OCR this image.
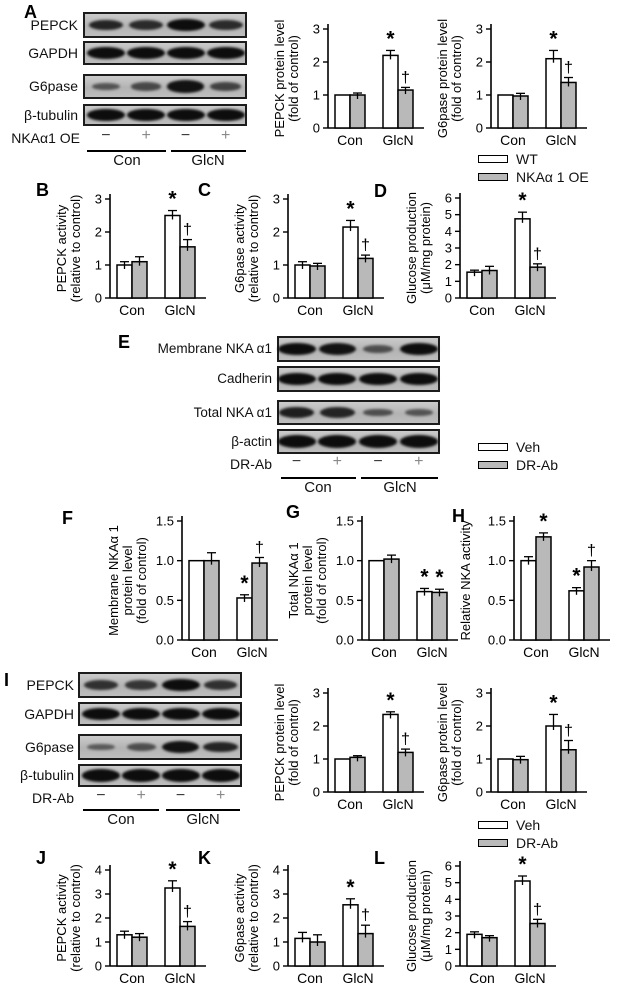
A
B	C	D
E
F	G	H
I
J	K	L
WT
NKAα 1 OE
Veh
DR-Ab
Veh
DR-Ab
PEPCK
GAPDH
G6pase
β-tubulin
NKAα1 OE	−	+	−	+
Con	GlcN
Membrane NKA α1
Cadherin
Total NKA α1
β-actin
DR-Ab	−	+	−	+
Con	GlcN
PEPCK
GAPDH
G6pase
β-tubulin
DR-Ab	−	+	−	+
Con	GlcN
0
1
2
3
PEPCK protein level (fold of control)
Con
*
†
GlcN
0
1
2
3
G6pase protein level (fold of control)
Con
*
†
GlcN
0
1
2
3
PEPCK activity (relative to control)
Con
*
†
GlcN
0
1
2
3
G6pase activity (relative to control)
Con
*
†
GlcN
0
1
2
3
4
5
6
Glucose production (μM/mg protein)
Con
*
†
GlcN
0.0
0.5
1.0
1.5
Membrane NKAα 1 protein level (fold of control)
Con
*
†
GlcN
0.0
0.5
1.0
1.5
Total NKAα 1 protein level (fold of control)
Con
* *
GlcN
0.0
0.5
1.0
1.5
Relative NKA activity	*
Con
*
†
GlcN
0
1
2
3
PEPCK protein level (fold of control)
Con
*
†
GlcN
0
1
2
3
G6pase protein level (fold of control)
Con
*
†
GlcN
0
1
2
3
4
PEPCK activity (relative to control)
Con
*
†
GlcN
0
1
2
3
4
G6pase activity (relative to control)
Con
*
†
GlcN
0
1
2
3
4
5
6
Glucose production (μM/mg protein)
Con
*
†
GlcN
